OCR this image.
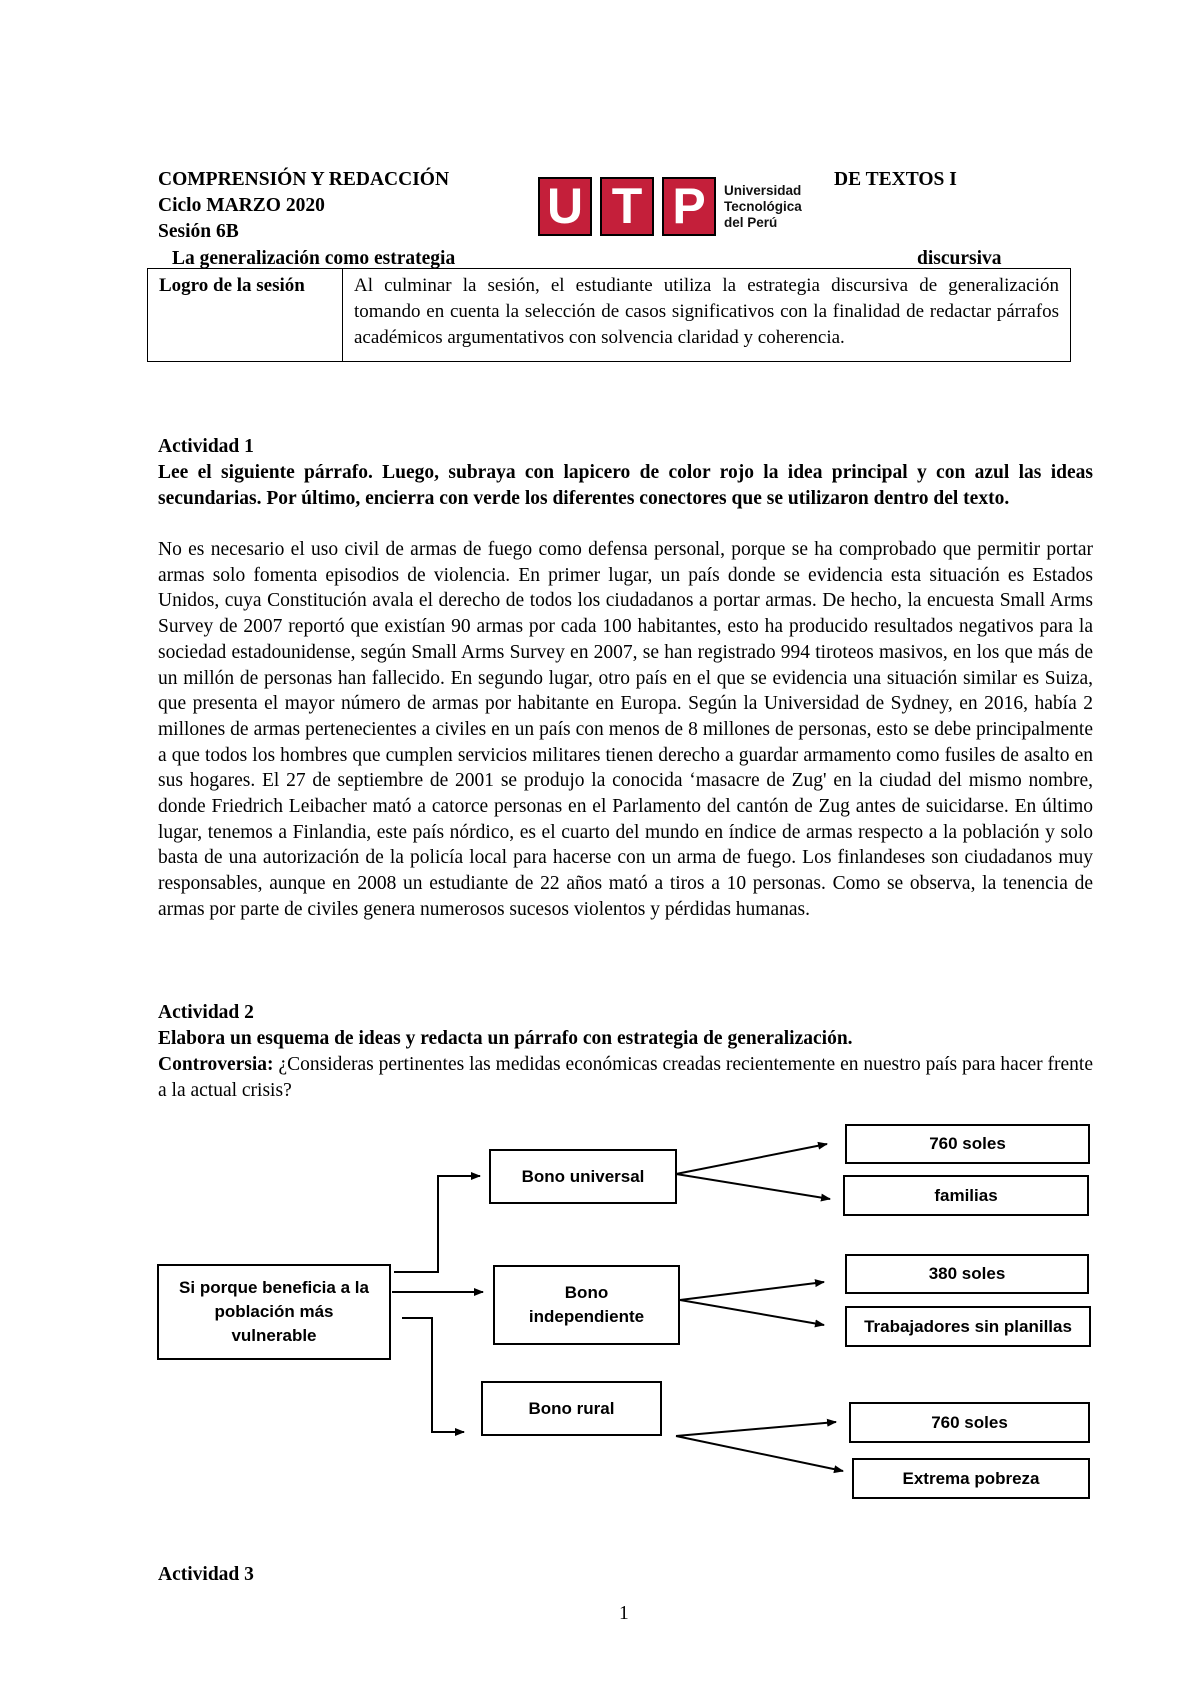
COMPRENSIÓN Y REDACCIÓN	DE TEXTOS I
Ciclo MARZO 2020
Sesión 6B
La generalización como estrategia	discursiva
U T P	Universidad
Tecnológica
del Perú
Logro de la sesión	Al culminar la sesión, el estudiante utiliza la estrategia discursiva de generalización tomando en cuenta la selección de casos significativos con la finalidad de redactar párrafos académicos argumentativos con solvencia claridad y coherencia.
Actividad 1
Lee el siguiente párrafo. Luego, subraya con lapicero de color rojo la idea principal y con azul las ideas secundarias. Por último, encierra con verde los diferentes conectores que se utilizaron dentro del texto.
No es necesario el uso civil de armas de fuego como defensa personal, porque se ha comprobado que permitir portar armas solo fomenta episodios de violencia. En primer lugar, un país donde se evidencia esta situación es Estados Unidos, cuya Constitución avala el derecho de todos los ciudadanos a portar armas. De hecho, la encuesta Small Arms Survey de 2007 reportó que existían 90 armas por cada 100 habitantes, esto ha producido resultados negativos para la sociedad estadounidense, según Small Arms Survey en 2007, se han registrado 994 tiroteos masivos, en los que más de un millón de personas han fallecido. En segundo lugar, otro país en el que se evidencia una situación similar es Suiza, que presenta el mayor número de armas por habitante en Europa. Según la Universidad de Sydney, en 2016, había 2 millones de armas pertenecientes a civiles en un país con menos de 8 millones de personas, esto se debe principalmente a que todos los hombres que cumplen servicios militares tienen derecho a guardar armamento como fusiles de asalto en sus hogares. El 27 de septiembre de 2001 se produjo la conocida ‘masacre de Zug' en la ciudad del mismo nombre, donde Friedrich Leibacher mató a catorce personas en el Parlamento del cantón de Zug antes de suicidarse. En último lugar, tenemos a Finlandia, este país nórdico, es el cuarto del mundo en índice de armas respecto a la población y solo basta de una autorización de la policía local para hacerse con un arma de fuego. Los finlandeses son ciudadanos muy responsables, aunque en 2008 un estudiante de 22 años mató a tiros a 10 personas. Como se observa, la tenencia de armas por parte de civiles genera numerosos sucesos violentos y pérdidas humanas.
Actividad 2
Elabora un esquema de ideas y redacta un párrafo con estrategia de generalización.
Controversia: ¿Consideras pertinentes las medidas económicas creadas recientemente en nuestro país para hacer frente a la actual crisis?
Si porque beneficia a la población más vulnerable
Bono universal
Bono independiente
Bono rural
760 soles
familias
380 soles
Trabajadores sin planillas
760 soles
Extrema pobreza
Actividad 3
1
